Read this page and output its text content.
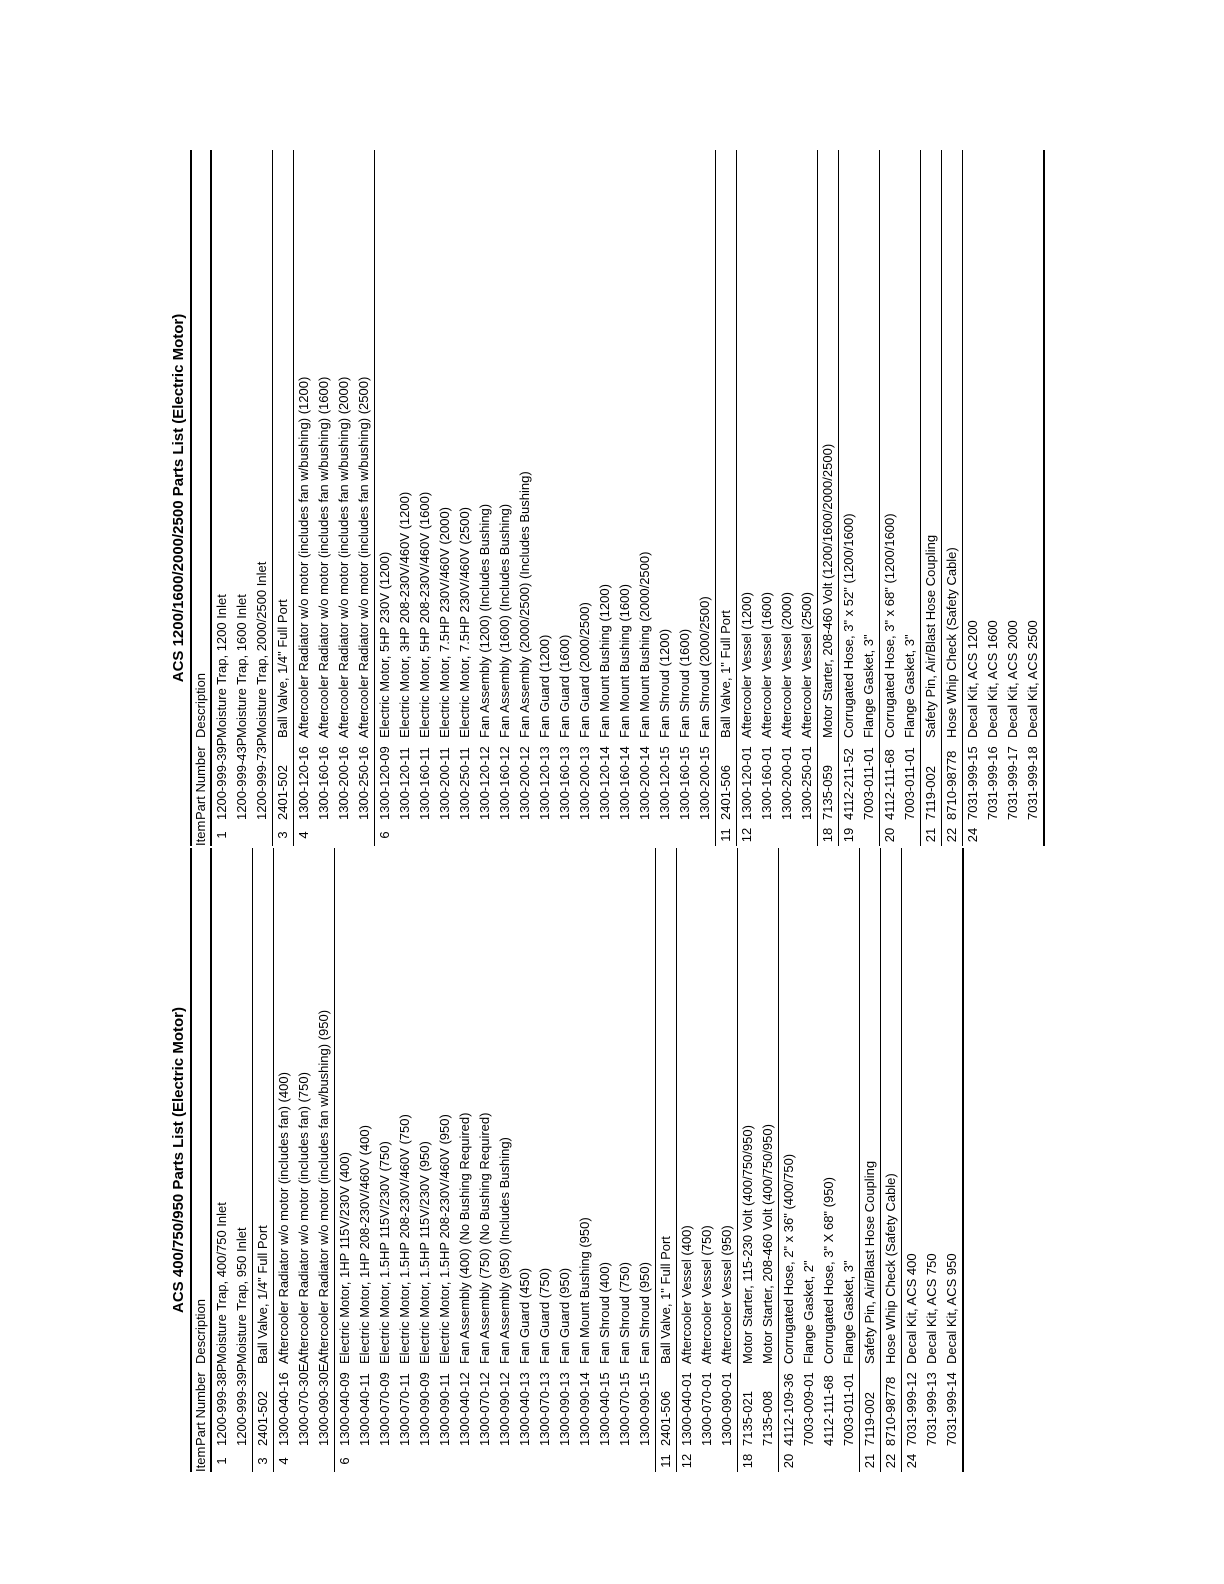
ACS 400/750/950 Parts List (Electric Motor)
Item
Part Number
Description
1
1200-999-38P
Moisture Trap, 400/750 Inlet
1200-999-39P
Moisture Trap, 950 Inlet
3
2401-502
Ball Valve, 1/4" Full Port
4
1300-040-16
Aftercooler Radiator w/o motor (includes fan) (400)
1300-070-30E
Aftercooler Radiator w/o motor (includes fan) (750)
1300-090-30E
Aftercooler Radiator w/o motor (includes fan w/bushing) (950)
6
1300-040-09
Electric Motor, 1HP 115V/230V (400)
1300-040-11
Electric Motor, 1HP 208-230V/460V (400)
1300-070-09
Electric Motor, 1.5HP 115V/230V (750)
1300-070-11
Electric Motor, 1.5HP 208-230V/460V (750)
1300-090-09
Electric Motor, 1.5HP 115V/230V (950)
1300-090-11
Electric Motor, 1.5HP 208-230V/460V (950)
1300-040-12
Fan Assembly (400) (No Bushing Required)
1300-070-12
Fan Assembly (750) (No Bushing Required)
1300-090-12
Fan Assembly (950) (Includes Bushing)
1300-040-13
Fan Guard (450)
1300-070-13
Fan Guard (750)
1300-090-13
Fan Guard (950)
1300-090-14
Fan Mount Bushing (950)
1300-040-15
Fan Shroud (400)
1300-070-15
Fan Shroud (750)
1300-090-15
Fan Shroud (950)
11
2401-506
Ball Valve, 1" Full Port
12
1300-040-01
Aftercooler Vessel (400)
1300-070-01
Aftercooler Vessel (750)
1300-090-01
Aftercooler Vessel (950)
18
7135-021
Motor Starter, 115-230 Volt (400/750/950)
7135-008
Motor Starter, 208-460 Volt (400/750/950)
20
4112-109-36
Corrugated Hose, 2" x 36" (400/750)
7003-009-01
Flange Gasket, 2"
4112-111-68
Corrugated Hose, 3" X 68" (950)
7003-011-01
Flange Gasket, 3"
21
7119-002
Safety Pin, Air/Blast Hose Coupling
22
8710-98778
Hose Whip Check (Safety Cable)
24
7031-999-12
Decal Kit, ACS 400
7031-999-13
Decal Kit, ACS 750
7031-999-14
Decal Kit, ACS 950
ACS 1200/1600/2000/2500 Parts List (Electric Motor)
Item
Part Number
Description
1
1200-999-39P
Moisture Trap, 1200 Inlet
1200-999-43P
Moisture Trap, 1600 Inlet
1200-999-73P
Moisture Trap, 2000/2500 Inlet
3
2401-502
Ball Valve, 1/4" Full Port
4
1300-120-16
Aftercooler Radiator w/o motor (includes fan w/bushing) (1200)
1300-160-16
Aftercooler Radiator w/o motor (includes fan w/bushing) (1600)
1300-200-16
Aftercooler Radiator w/o motor (includes fan w/bushing) (2000)
1300-250-16
Aftercooler Radiator w/o motor (includes fan w/bushing) (2500)
6
1300-120-09
Electric Motor, 5HP 230V (1200)
1300-120-11
Electric Motor, 3HP 208-230V/460V (1200)
1300-160-11
Electric Motor, 5HP 208-230V/460V (1600)
1300-200-11
Electric Motor, 7.5HP 230V/460V (2000)
1300-250-11
Electric Motor, 7.5HP 230V/460V (2500)
1300-120-12
Fan Assembly (1200) (Includes Bushing)
1300-160-12
Fan Assembly (1600) (Includes Bushing)
1300-200-12
Fan Assembly (2000/2500) (Includes Bushing)
1300-120-13
Fan Guard (1200)
1300-160-13
Fan Guard (1600)
1300-200-13
Fan Guard (2000/2500)
1300-120-14
Fan Mount Bushing (1200)
1300-160-14
Fan Mount Bushing (1600)
1300-200-14
Fan Mount Bushing (2000/2500)
1300-120-15
Fan Shroud (1200)
1300-160-15
Fan Shroud (1600)
1300-200-15
Fan Shroud (2000/2500)
11
2401-506
Ball Valve, 1" Full Port
12
1300-120-01
Aftercooler Vessel (1200)
1300-160-01
Aftercooler Vessel (1600)
1300-200-01
Aftercooler Vessel (2000)
1300-250-01
Aftercooler Vessel (2500)
18
7135-059
Motor Starter, 208-460 Volt (1200/1600/2000/2500)
19
4112-211-52
Corrugated Hose, 3" x 52" (1200/1600)
7003-011-01
Flange Gasket, 3"
20
4112-111-68
Corrugated Hose, 3" x 68" (1200/1600)
7003-011-01
Flange Gasket, 3"
21
7119-002
Safety Pin, Air/Blast Hose Coupling
22
8710-98778
Hose Whip Check (Safety Cable)
24
7031-999-15
Decal Kit, ACS 1200
7031-999-16
Decal Kit, ACS 1600
7031-999-17
Decal Kit, ACS 2000
7031-999-18
Decal Kit, ACS 2500
